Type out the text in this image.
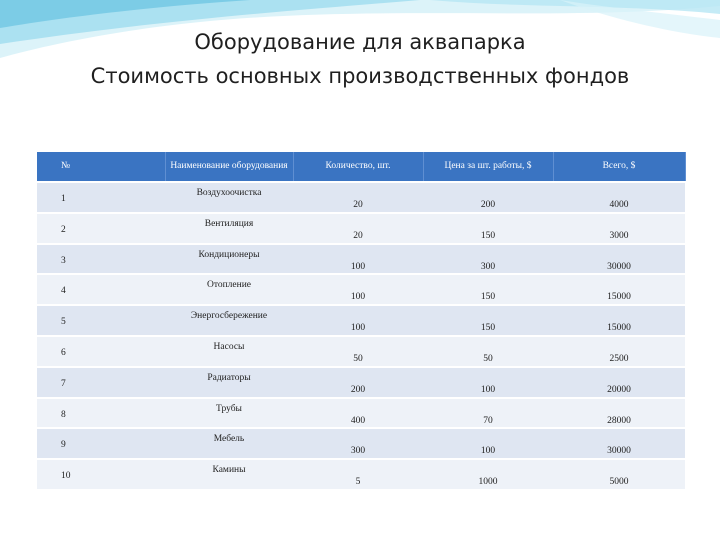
Оборудование для аквапарка
Стоимость основных производственных фондов
№	Наименование оборудования	Количество, шт.	Цена за шт. работы, $	Всего, $

1	Воздухоочистка	20	200	4000

2	Вентиляция	20	150	3000

3	Кондиционеры	100	300	30000

4	Отопление	100	150	15000

5	Энергосбережение	100	150	15000

6	Насосы	50	50	2500

7	Радиаторы	200	100	20000

8	Трубы	400	70	28000

9	Мебель	300	100	30000

10	Камины	5	1000	5000
